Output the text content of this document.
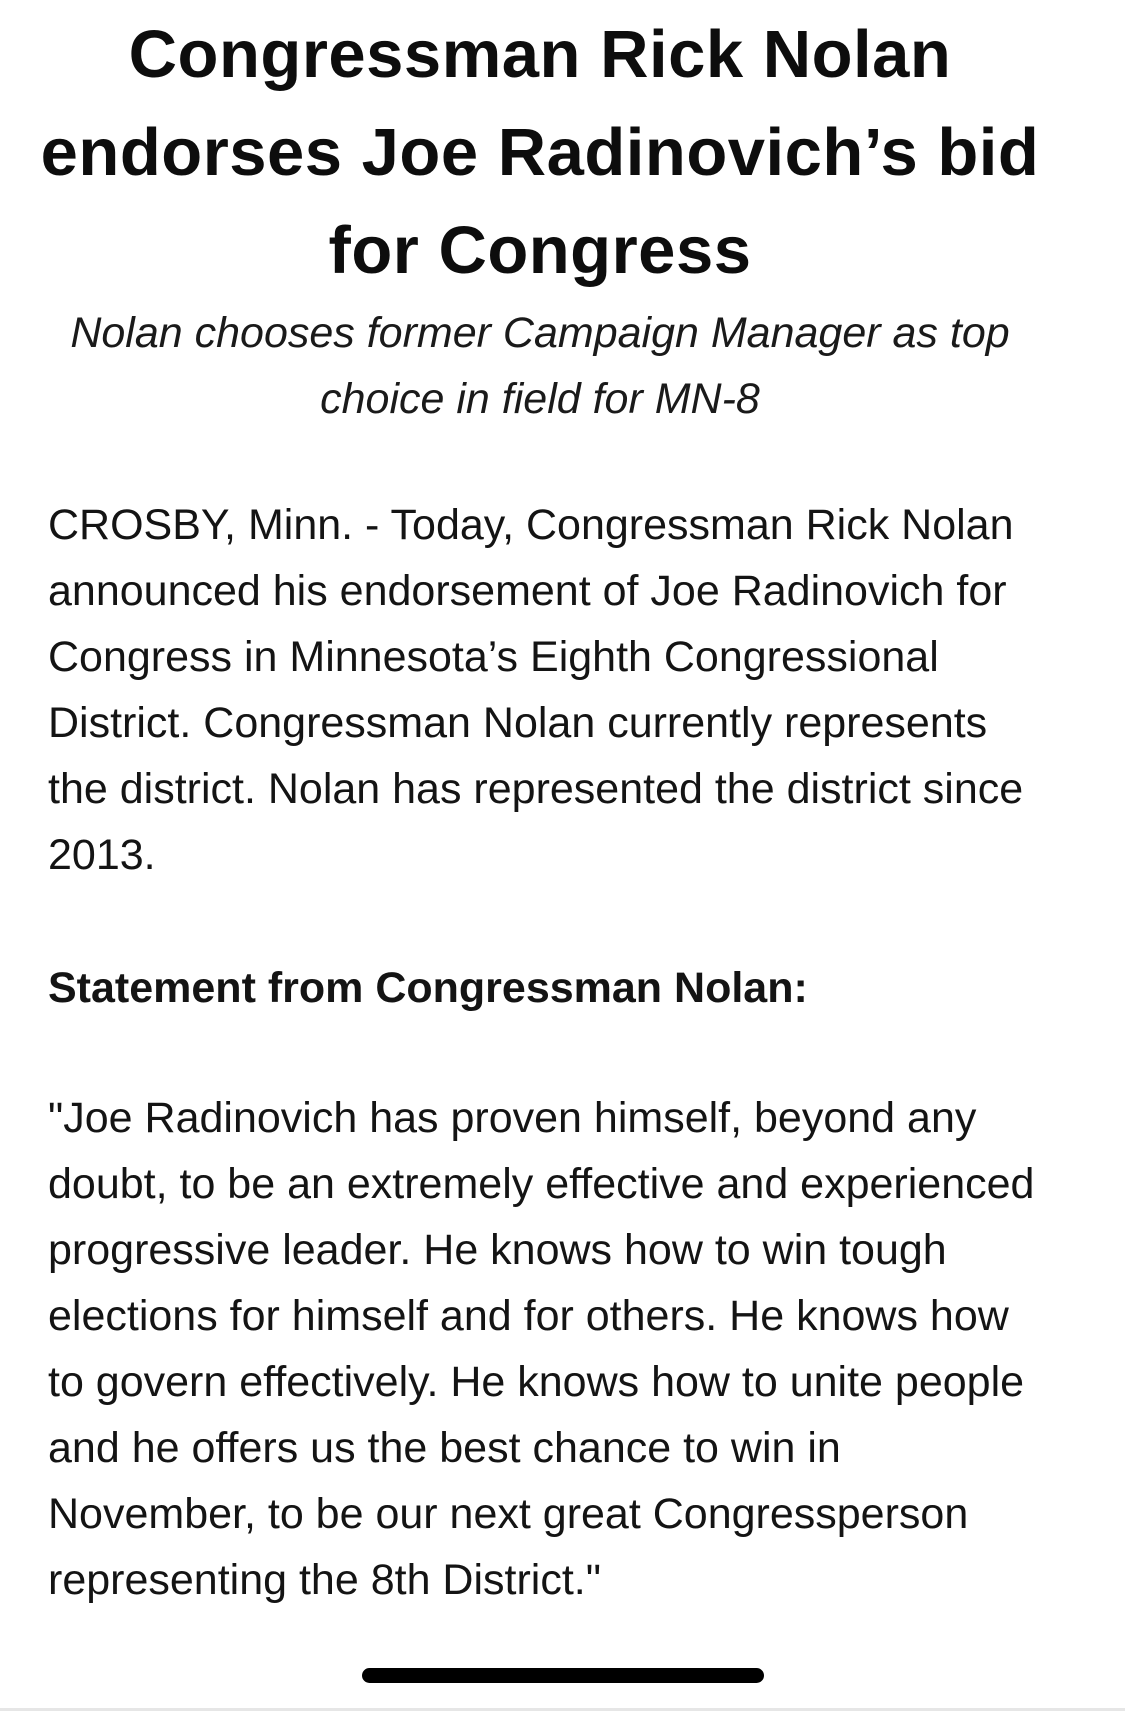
Congressman Rick Nolan endorses Joe Radinovich’s bid for Congress

Nolan chooses former Campaign Manager as top choice in field for MN-8

CROSBY, Minn. - Today, Congressman Rick Nolan announced his endorsement of Joe Radinovich for Congress in Minnesota’s Eighth Congressional District. Congressman Nolan currently represents the district. Nolan has represented the district since 2013.

Statement from Congressman Nolan:

"Joe Radinovich has proven himself, beyond any doubt, to be an extremely effective and experienced progressive leader. He knows how to win tough elections for himself and for others. He knows how to govern effectively. He knows how to unite people and he offers us the best chance to win in November, to be our next great Congressperson representing the 8th District."
